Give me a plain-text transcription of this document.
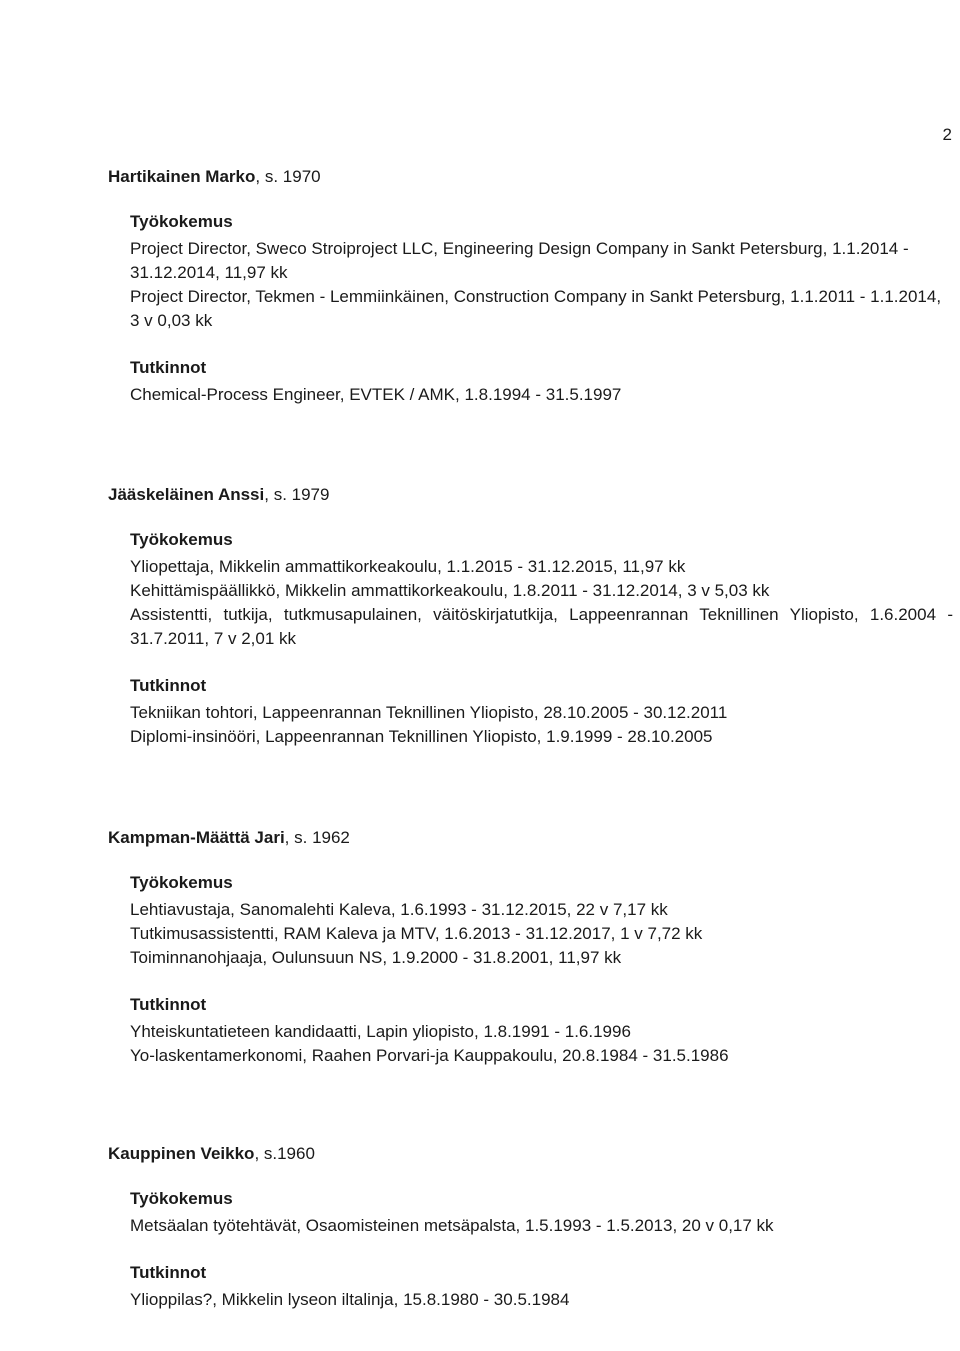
2
Hartikainen Marko, s. 1970
Työkokemus

Project Director, Sweco Stroiproject LLC, Engineering Design Company in Sankt Petersburg, 1.1.2014 - 31.12.2014, 11,97 kk

Project Director, Tekmen - Lemmiinkäinen, Construction Company in Sankt Petersburg, 1.1.2011 - 1.1.2014, 3 v 0,03 kk

Tutkinnot

Chemical-Process Engineer, EVTEK / AMK, 1.8.1994 - 31.5.1997

Jääskeläinen Anssi, s. 1979
Työkokemus

Yliopettaja, Mikkelin ammattikorkeakoulu, 1.1.2015 - 31.12.2015, 11,97 kk

Kehittämispäällikkö, Mikkelin ammattikorkeakoulu, 1.8.2011 - 31.12.2014, 3 v 5,03 kk

Assistentti, tutkija, tutkmusapulainen, väitöskirjatutkija, Lappeenrannan Teknillinen Yliopisto, 1.6.2004 - 31.7.2011, 7 v 2,01 kk

Tutkinnot

Tekniikan tohtori, Lappeenrannan Teknillinen Yliopisto, 28.10.2005 - 30.12.2011

Diplomi-insinööri, Lappeenrannan Teknillinen Yliopisto, 1.9.1999 - 28.10.2005

Kampman-Määttä Jari, s. 1962
Työkokemus

Lehtiavustaja, Sanomalehti Kaleva, 1.6.1993 - 31.12.2015, 22 v 7,17 kk

Tutkimusassistentti, RAM Kaleva ja MTV, 1.6.2013 - 31.12.2017, 1 v 7,72 kk

Toiminnanohjaaja, Oulunsuun NS, 1.9.2000 - 31.8.2001, 11,97 kk

Tutkinnot

Yhteiskuntatieteen kandidaatti, Lapin yliopisto, 1.8.1991 - 1.6.1996

Yo-laskentamerkonomi, Raahen Porvari-ja Kauppakoulu, 20.8.1984 - 31.5.1986

Kauppinen Veikko, s.1960
Työkokemus

Metsäalan työtehtävät, Osaomisteinen metsäpalsta, 1.5.1993 - 1.5.2013, 20 v 0,17 kk

Tutkinnot

Ylioppilas?, Mikkelin lyseon iltalinja, 15.8.1980 - 30.5.1984
